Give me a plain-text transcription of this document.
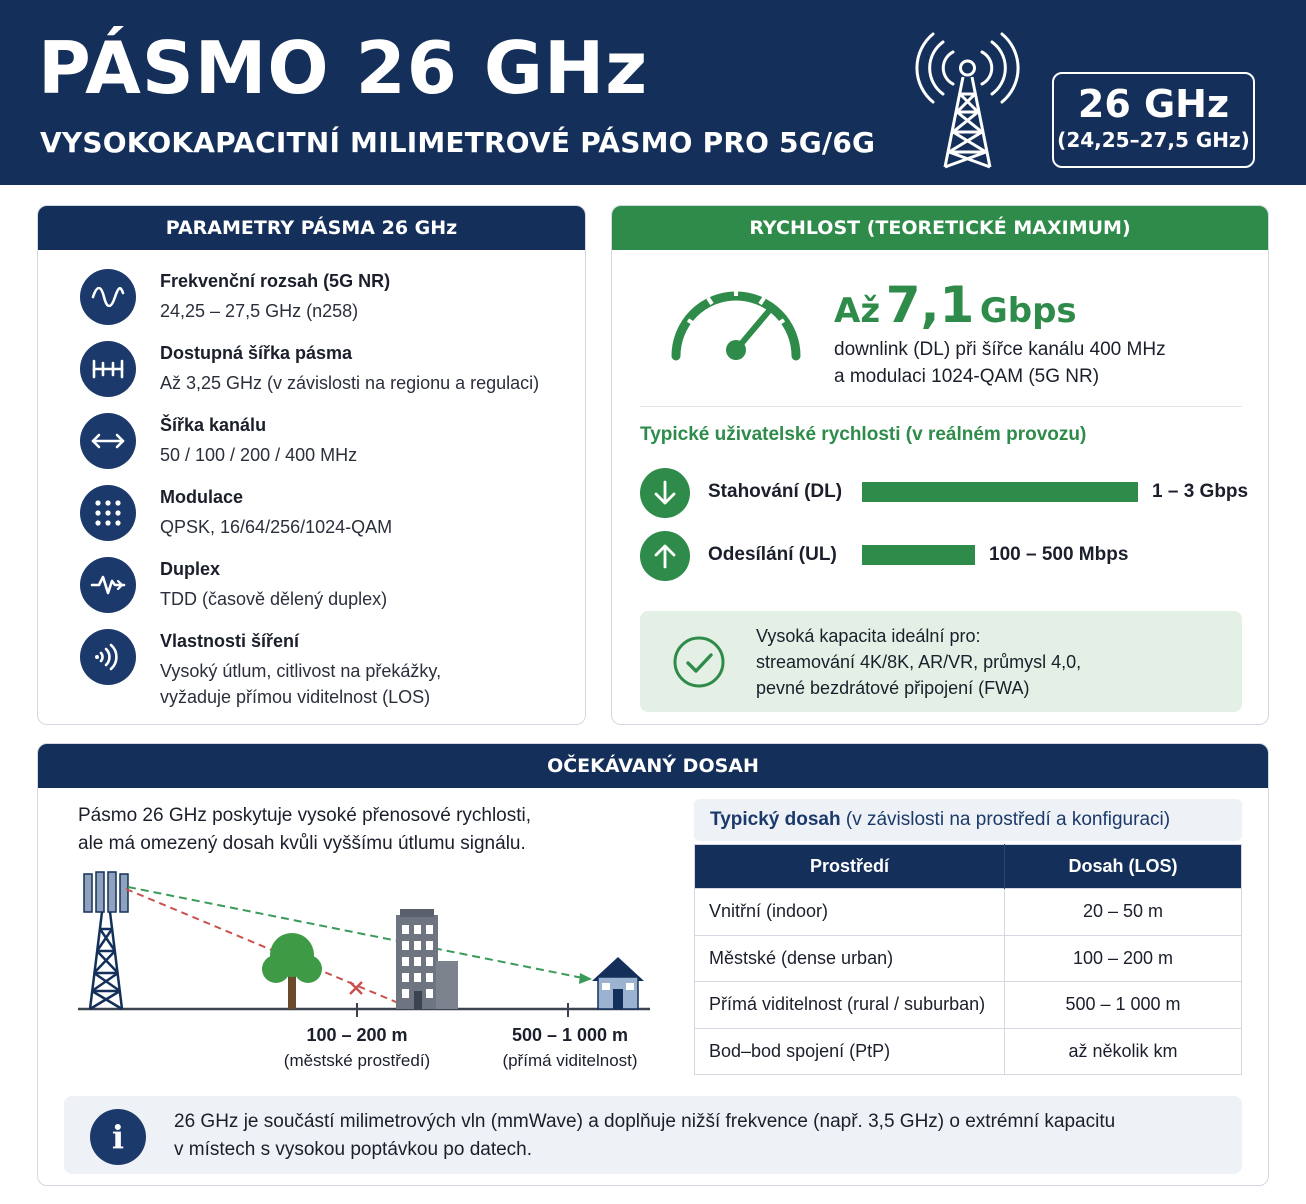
PÁSMO 26 GHz
VYSOKOKAPACITNÍ MILIMETROVÉ PÁSMO PRO 5G/6G
26 GHz
(24,25–27,5 GHz)
PARAMETRY PÁSMA 26 GHz
Frekvenční rozsah (5G NR)
24,25 – 27,5 GHz (n258)
Dostupná šířka pásma
Až 3,25 GHz (v závislosti na regionu a regulaci)
Šířka kanálu
50 / 100 / 200 / 400 MHz
Modulace
QPSK, 16/64/256/1024-QAM
Duplex
TDD (časově dělený duplex)
Vlastnosti šíření
Vysoký útlum, citlivost na překážky,
vyžaduje přímou viditelnost (LOS)
RYCHLOST (TEORETICKÉ MAXIMUM)
Až 7,1 Gbps
downlink (DL) při šířce kanálu 400 MHz
a modulaci 1024-QAM (5G NR)
Typické uživatelské rychlosti (v reálném provozu)
Stahování (DL)	1 – 3 Gbps
Odesílání (UL)	100 – 500 Mbps
Vysoká kapacita ideální pro:
streamování 4K/8K, AR/VR, průmysl 4,0,
pevné bezdrátové připojení (FWA)
OČEKÁVANÝ DOSAH
Pásmo 26 GHz poskytuje vysoké přenosové rychlosti,
ale má omezený dosah kvůli vyššímu útlumu signálu.
100 – 200 m
(městské prostředí)
500 – 1 000 m
(přímá viditelnost)
Typický dosah (v závislosti na prostředí a konfiguraci)
Prostředí	Dosah (LOS)
Vnitřní (indoor)	20 – 50 m
Městské (dense urban)	100 – 200 m
Přímá viditelnost (rural / suburban)	500 – 1 000 m
Bod–bod spojení (PtP)	až několik km
i	26 GHz je součástí milimetrových vln (mmWave) a doplňuje nižší frekvence (např. 3,5 GHz) o extrémní kapacitu
v místech s vysokou poptávkou po datech.
